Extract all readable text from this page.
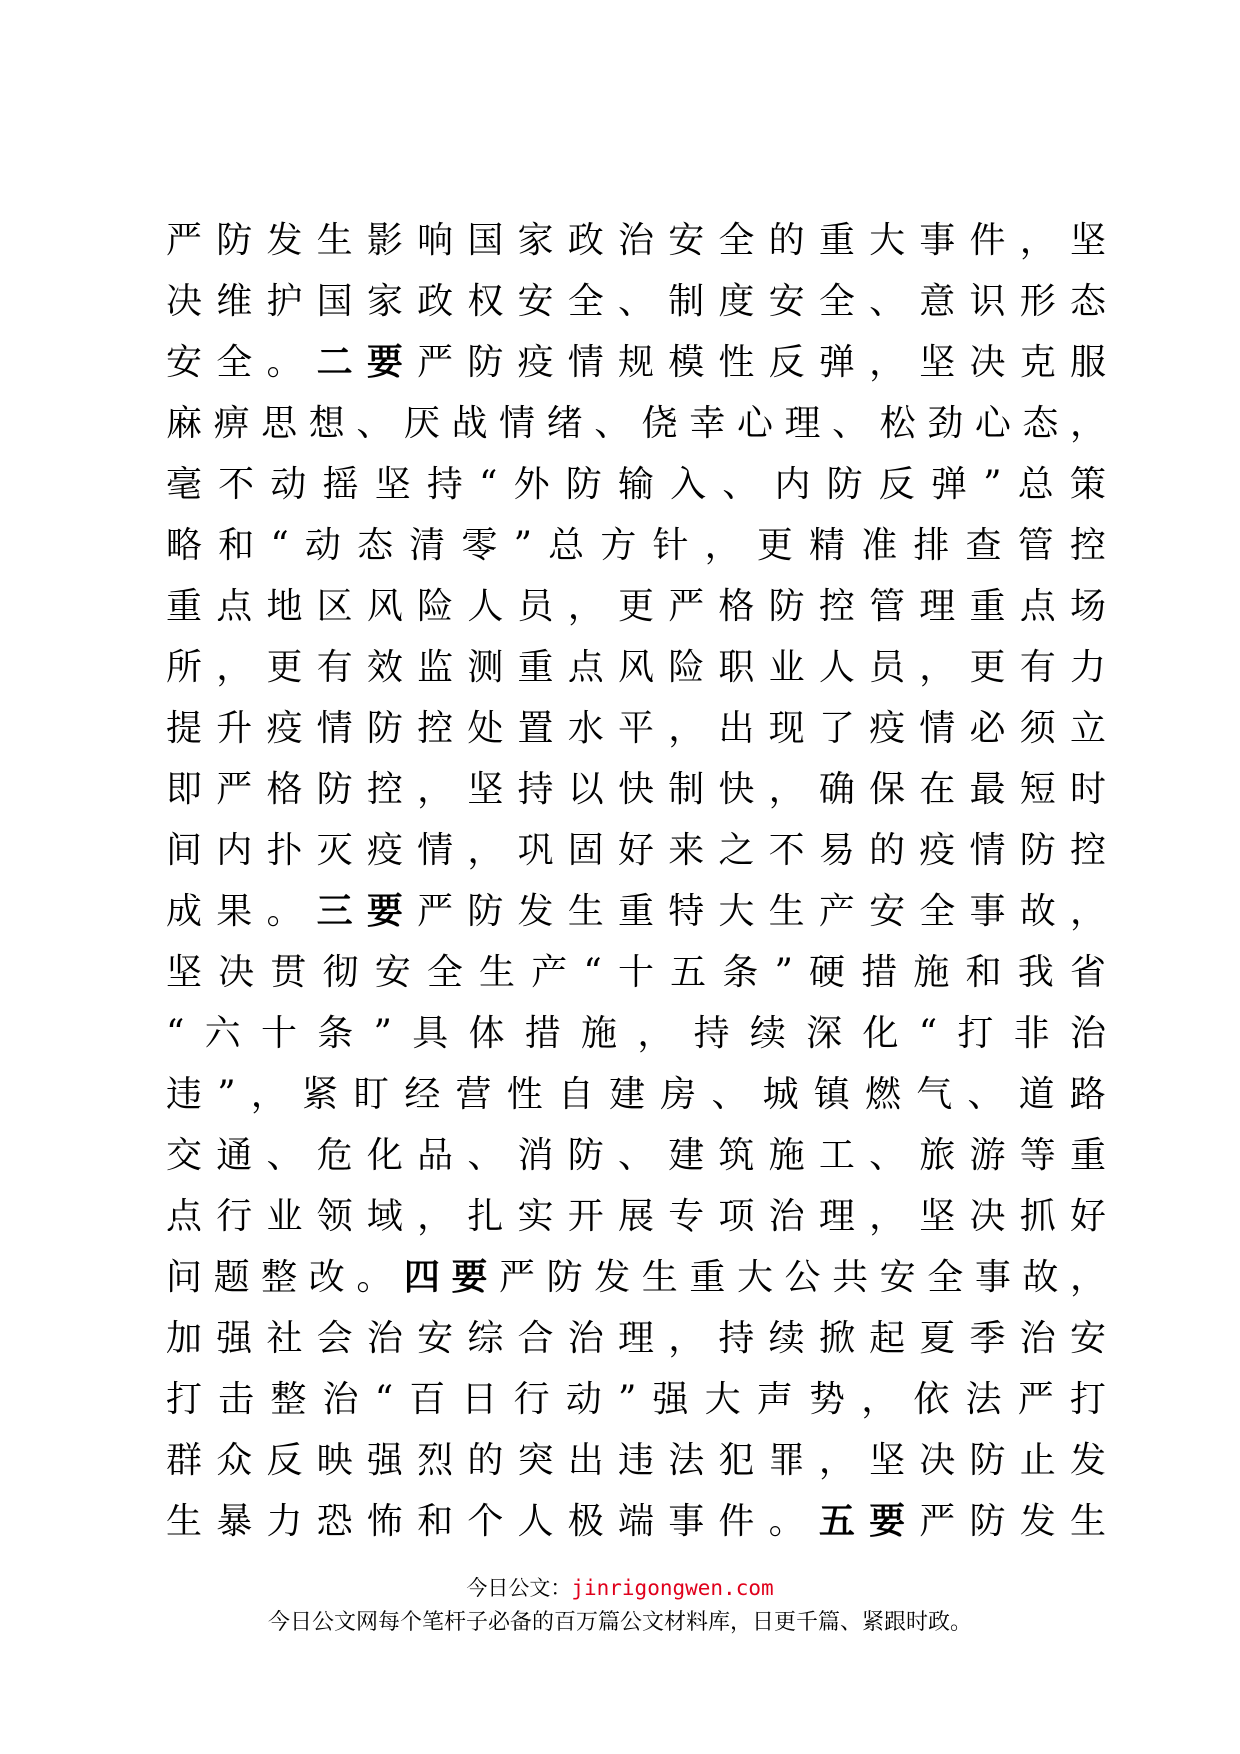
严 防 发 生 影 响 国 家 政 治 安 全 的 重 大 事 件 ， 坚
决 维 护 国 家 政 权 安 全 、 制 度 安 全 、 意 识 形 态
安 全 。 二 要 严 防 疫 情 规 模 性 反 弹 ， 坚 决 克 服
麻 痹 思 想 、 厌 战 情 绪 、 侥 幸 心 理 、 松 劲 心 态 ，
毫 不 动 摇 坚 持 “ 外 防 输 入 、 内 防 反 弹 ” 总 策
略 和 “ 动 态 清 零 ” 总 方 针 ， 更 精 准 排 查 管 控
重 点 地 区 风 险 人 员 ， 更 严 格 防 控 管 理 重 点 场
所 ， 更 有 效 监 测 重 点 风 险 职 业 人 员 ， 更 有 力
提 升 疫 情 防 控 处 置 水 平 ， 出 现 了 疫 情 必 须 立
即 严 格 防 控 ， 坚 持 以 快 制 快 ， 确 保 在 最 短 时
间 内 扑 灭 疫 情 ， 巩 固 好 来 之 不 易 的 疫 情 防 控
成 果 。 三 要 严 防 发 生 重 特 大 生 产 安 全 事 故 ，
坚 决 贯 彻 安 全 生 产 “ 十 五 条 ” 硬 措 施 和 我 省
“ 六 十 条 ” 具 体 措 施 ， 持 续 深 化 “ 打 非 治
违 ” ， 紧 盯 经 营 性 自 建 房 、 城 镇 燃 气 、 道 路
交 通 、 危 化 品 、 消 防 、 建 筑 施 工 、 旅 游 等 重
点 行 业 领 域 ， 扎 实 开 展 专 项 治 理 ， 坚 决 抓 好
问 题 整 改 。 四 要 严 防 发 生 重 大 公 共 安 全 事 故 ，
加 强 社 会 治 安 综 合 治 理 ， 持 续 掀 起 夏 季 治 安
打 击 整 治 “ 百 日 行 动 ” 强 大 声 势 ， 依 法 严 打
群 众 反 映 强 烈 的 突 出 违 法 犯 罪 ， 坚 决 防 止 发
生 暴 力 恐 怖 和 个 人 极 端 事 件 。 五 要 严 防 发 生
今日公文：jinrigongwen.com
今日公文网每个笔杆子必备的百万篇公文材料库，日更千篇、紧跟时政。
